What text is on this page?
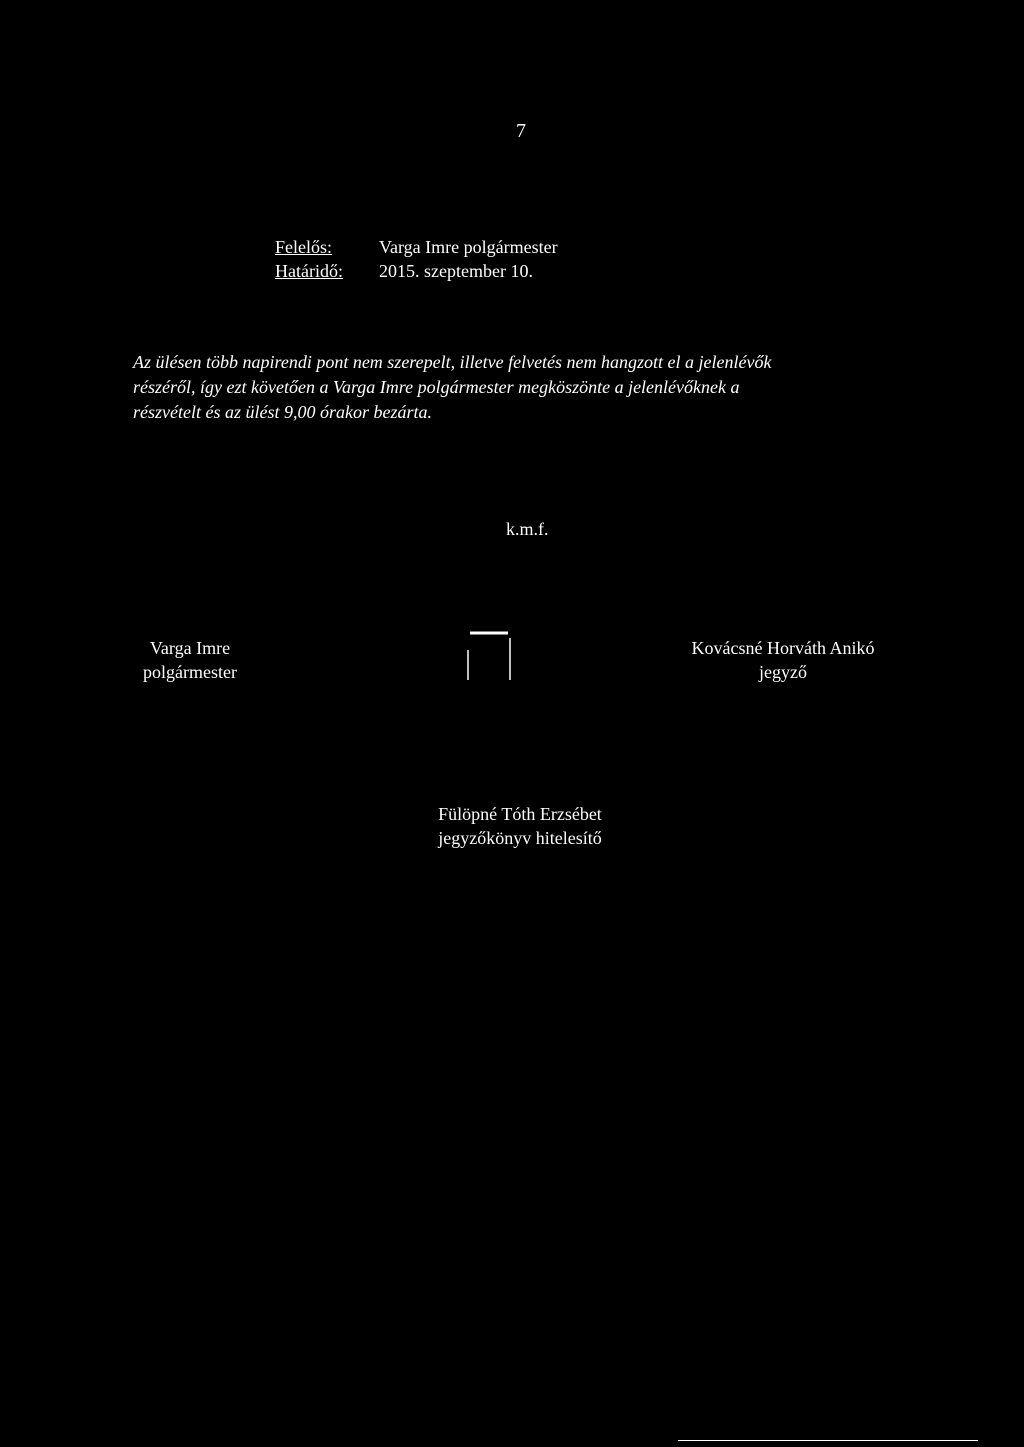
7
Felelős:	Varga Imre polgármester
Határidő: 2015. szeptember 10.
Az ülésen több napirendi pont nem szerepelt, illetve felvetés nem hangzott el a jelenlévők
részéről, így ezt követően a Varga Imre polgármester megköszönte a jelenlévőknek a
részvételt és az ülést 9,00 órakor bezárta.
k.m.f.
Varga Imre
polgármester
Kovácsné Horváth Anikó
jegyző
Fülöpné Tóth Erzsébet
jegyzőkönyv hitelesítő
